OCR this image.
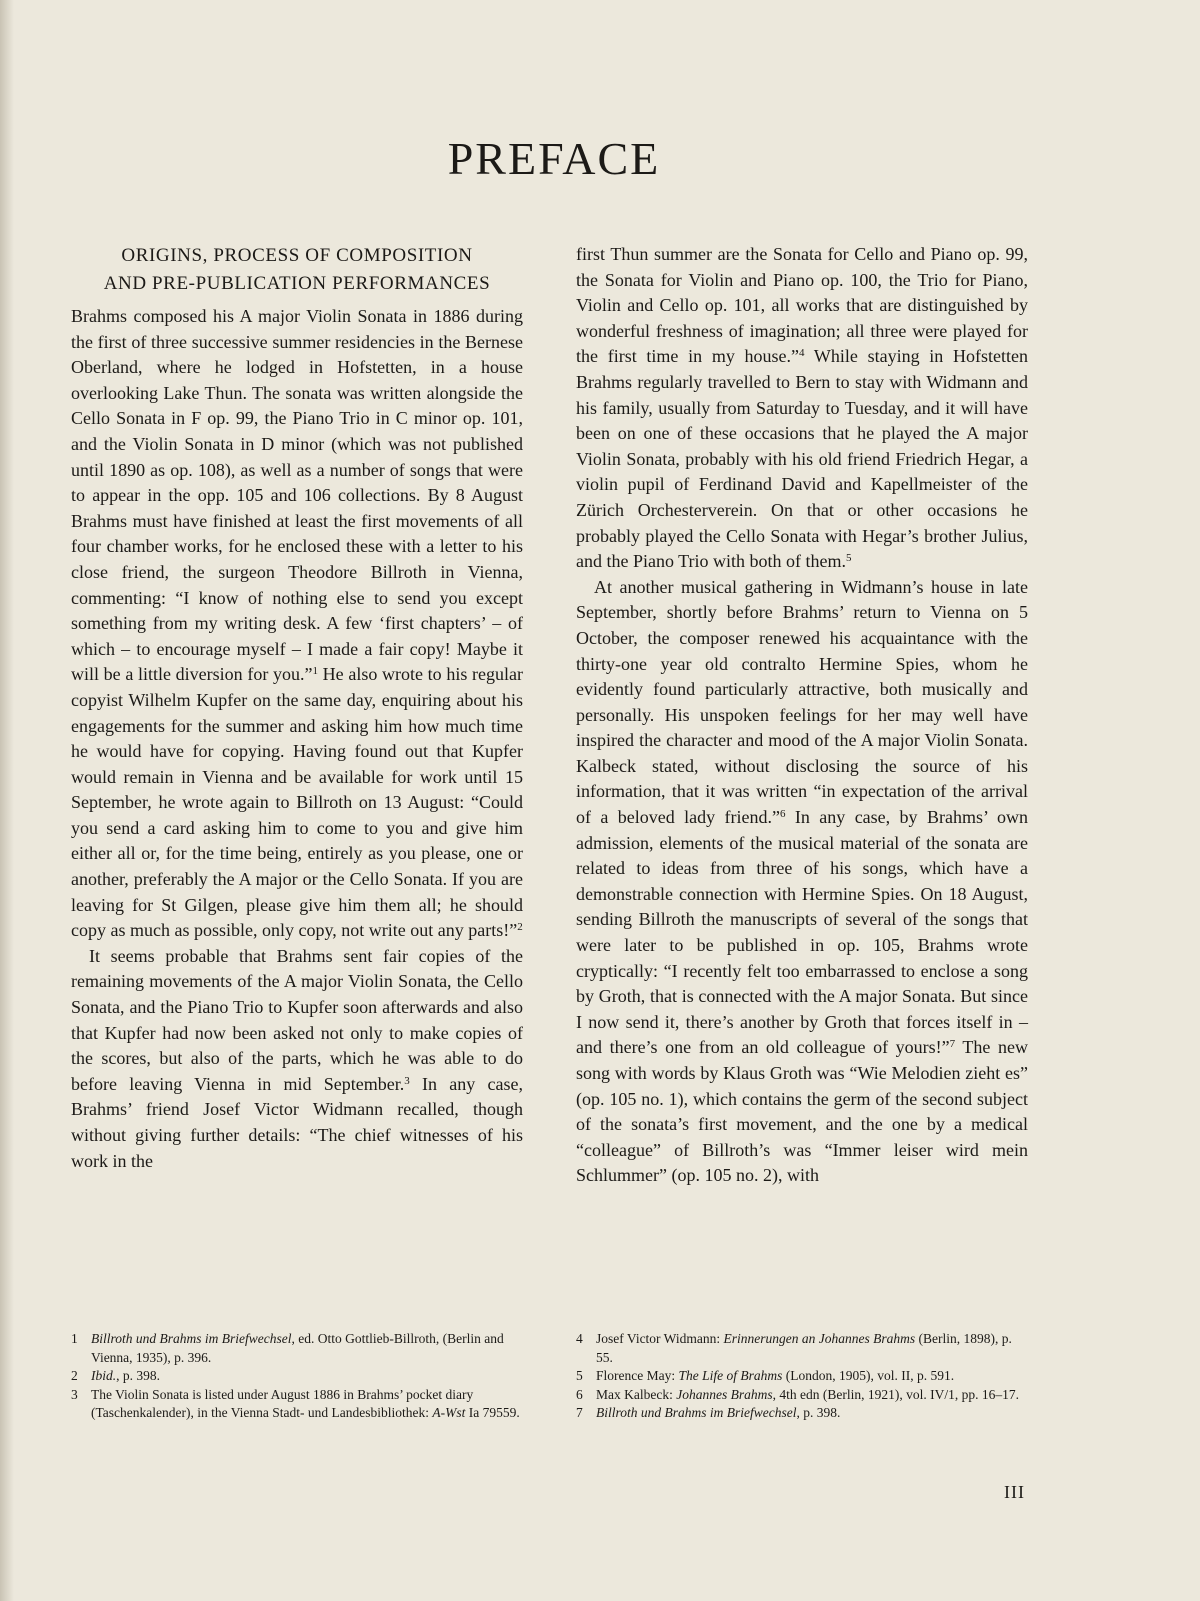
PREFACE
ORIGINS, PROCESS OF COMPOSITION
AND PRE-PUBLICATION PERFORMANCES

Brahms composed his A major Violin Sonata in 1886 during the first of three successive summer residencies in the Bernese Oberland, where he lodged in Hofstetten, in a house overlooking Lake Thun. The sonata was written alongside the Cello Sonata in F op. 99, the Piano Trio in C minor op. 101, and the Violin Sonata in D minor (which was not published until 1890 as op. 108), as well as a number of songs that were to appear in the opp. 105 and 106 collections. By 8 August Brahms must have finished at least the first movements of all four chamber works, for he enclosed these with a letter to his close friend, the surgeon Theodore Billroth in Vienna, commenting: “I know of nothing else to send you except something from my writing desk. A few ‘first chapters’ – of which – to encourage myself – I made a fair copy! Maybe it will be a little diversion for you.”$^1$ He also wrote to his regular copyist Wilhelm Kupfer on the same day, enquiring about his engagements for the summer and asking him how much time he would have for copying. Having found out that Kupfer would remain in Vienna and be available for work until 15 September, he wrote again to Billroth on 13 August: “Could you send a card asking him to come to you and give him either all or, for the time being, entirely as you please, one or another, preferably the A major or the Cello Sonata. If you are leaving for St Gilgen, please give him them all; he should copy as much as possible, only copy, not write out any parts!”$^2$

It seems probable that Brahms sent fair copies of the remaining movements of the A major Violin Sonata, the Cello Sonata, and the Piano Trio to Kupfer soon afterwards and also that Kupfer had now been asked not only to make copies of the scores, but also of the parts, which he was able to do before leaving Vienna in mid September.$^3$ In any case, Brahms’ friend Josef Victor Widmann recalled, though without giving further details: “The chief witnesses of his work in the

first Thun summer are the Sonata for Cello and Piano op. 99, the Sonata for Violin and Piano op. 100, the Trio for Piano, Violin and Cello op. 101, all works that are distinguished by wonderful freshness of imagination; all three were played for the first time in my house.”$^4$ While staying in Hofstetten Brahms regularly travelled to Bern to stay with Widmann and his family, usually from Saturday to Tuesday, and it will have been on one of these occasions that he played the A major Violin Sonata, probably with his old friend Friedrich Hegar, a violin pupil of Ferdinand David and Kapellmeister of the Zürich Orchesterverein. On that or other occasions he probably played the Cello Sonata with Hegar’s brother Julius, and the Piano Trio with both of them.$^5$

At another musical gathering in Widmann’s house in late September, shortly before Brahms’ return to Vienna on 5 October, the composer renewed his acquaintance with the thirty-one year old contralto Hermine Spies, whom he evidently found particularly attractive, both musically and personally. His unspoken feelings for her may well have inspired the character and mood of the A major Violin Sonata. Kalbeck stated, without disclosing the source of his information, that it was written “in expectation of the arrival of a beloved lady friend.”$^6$ In any case, by Brahms’ own admission, elements of the musical material of the sonata are related to ideas from three of his songs, which have a demonstrable connection with Hermine Spies. On 18 August, sending Billroth the manuscripts of several of the songs that were later to be published in op. 105, Brahms wrote cryptically: “I recently felt too embarrassed to enclose a song by Groth, that is connected with the A major Sonata. But since I now send it, there’s another by Groth that forces itself in – and there’s one from an old colleague of yours!”$^7$ The new song with words by Klaus Groth was “Wie Melodien zieht es” (op. 105 no. 1), which contains the germ of the second subject of the sonata’s first movement, and the one by a medical “colleague” of Billroth’s was “Immer leiser wird mein Schlummer” (op. 105 no. 2), with

1 Billroth und Brahms im Briefwechsel, ed. Otto Gottlieb-Billroth, (Berlin and Vienna, 1935), p. 396.

2 Ibid., p. 398.

3 The Violin Sonata is listed under August 1886 in Brahms’ pocket diary (Taschenkalender), in the Vienna Stadt- und Landesbibliothek: A-Wst Ia 79559.

4 Josef Victor Widmann: Erinnerungen an Johannes Brahms (Berlin, 1898), p. 55.

5 Florence May: The Life of Brahms (London, 1905), vol. II, p. 591.

6 Max Kalbeck: Johannes Brahms, 4th edn (Berlin, 1921), vol. IV/1, pp. 16–17.

7 Billroth und Brahms im Briefwechsel, p. 398.

III
